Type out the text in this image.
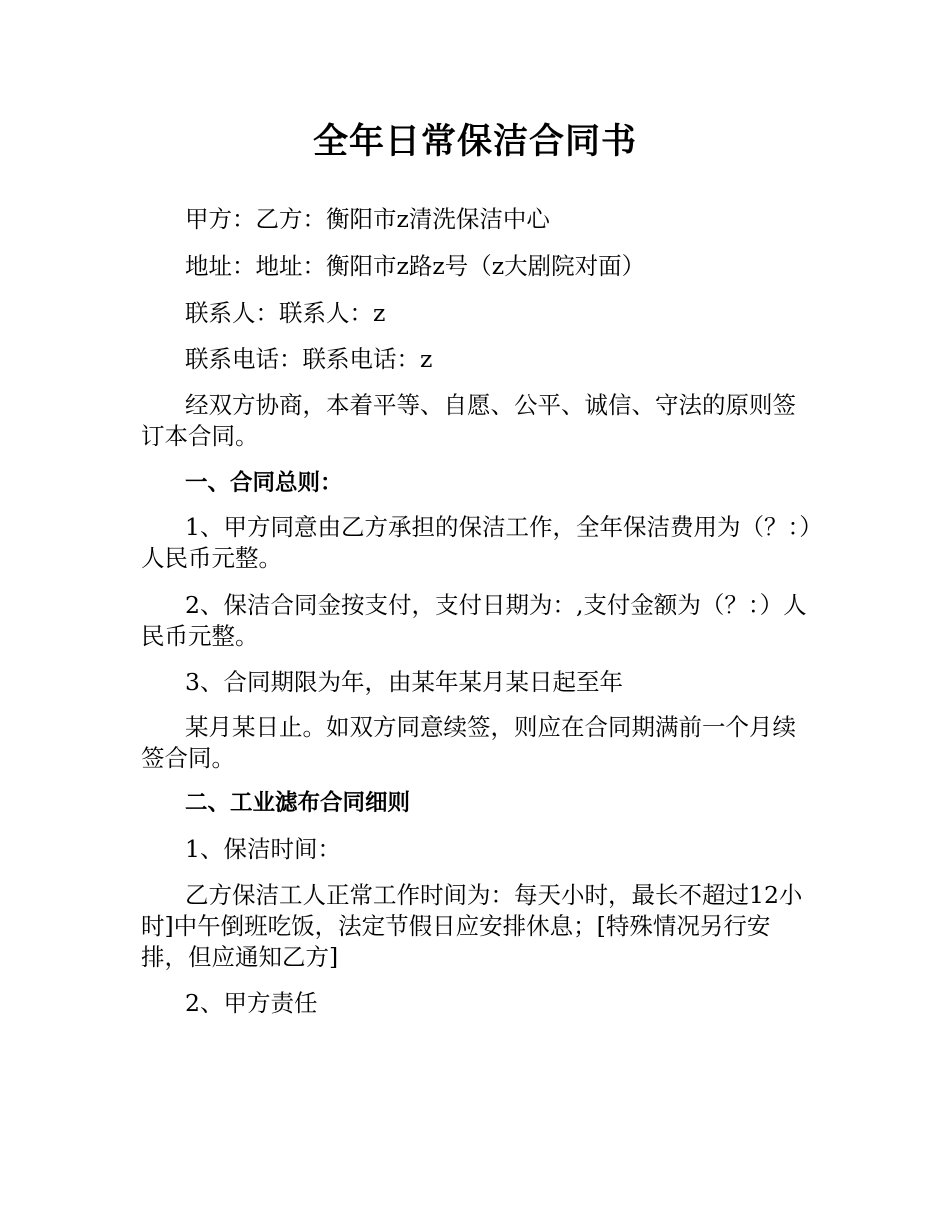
全年日常保洁合同书

甲方：乙方：衡阳市z清洗保洁中心

地址：地址：衡阳市z路z号（z大剧院对面）

联系人：联系人：z

联系电话：联系电话：z

经双方协商，本着平等、自愿、公平、诚信、守法的原则签订本合同。

一、合同总则：

1、甲方同意由乙方承担的保洁工作，全年保洁费用为（？：）人民币元整。

2、保洁合同金按支付，支付日期为：,支付金额为（？：）人民币元整。

3、合同期限为年，由某年某月某日起至年

某月某日止。如双方同意续签，则应在合同期满前一个月续签合同。

二、工业滤布合同细则

1、保洁时间：

乙方保洁工人正常工作时间为：每天小时，最长不超过12小时]中午倒班吃饭，法定节假日应安排休息；[特殊情况另行安排，但应通知乙方]

2、甲方责任
